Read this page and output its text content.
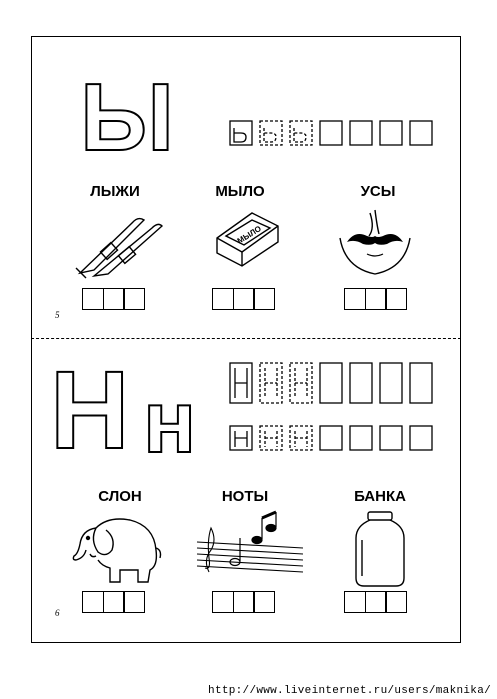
Ы
ЛЫЖИ	МЫЛО	УСЫ
МЫЛО
5
Н н
СЛОН	НОТЫ	БАНКА
6
http://www.liveinternet.ru/users/maknika/
